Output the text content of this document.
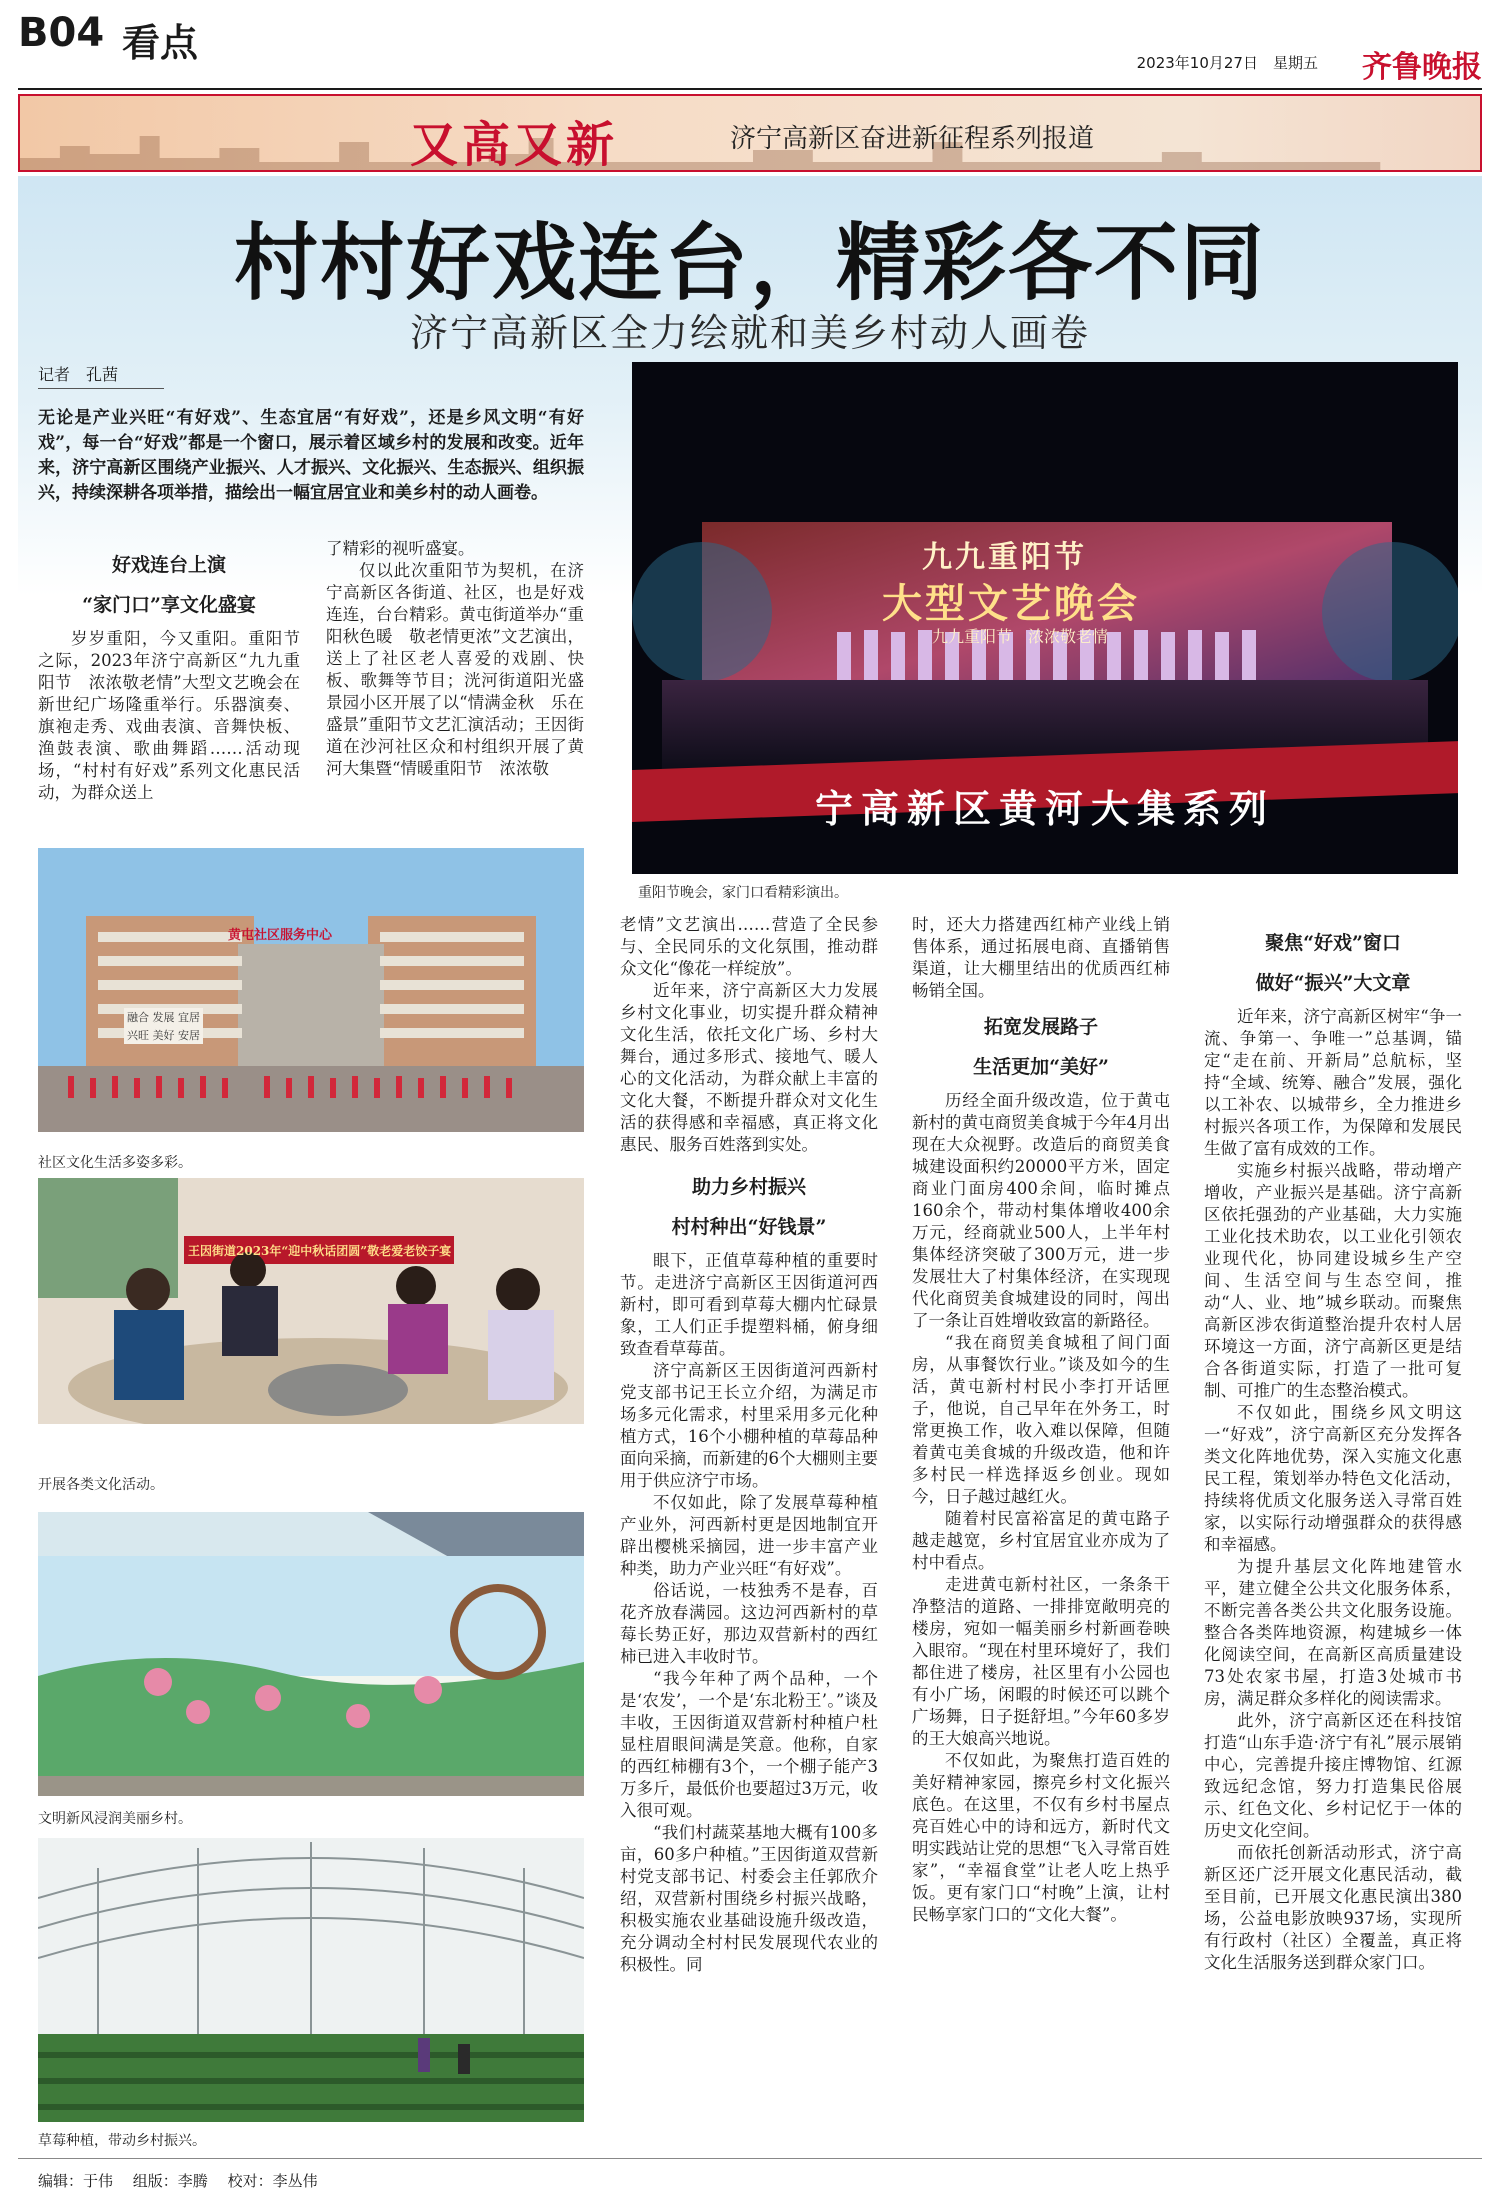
B04 看点	2023年10月27日　 星期五 齐鲁晚报
又高又新	济宁高新区奋进新征程系列报道
村村好戏连台，精彩各不同
济宁高新区全力绘就和美乡村动人画卷
记者　孔茜
无论是产业兴旺“有好戏”、生态宜居“有好戏”，还是乡风文明“有好戏”，每一台“好戏”都是一个窗口，展示着区域乡村的发展和改变。近年来，济宁高新区围绕产业振兴、人才振兴、文化振兴、生态振兴、组织振兴，持续深耕各项举措，描绘出一幅宜居宜业和美乡村的动人画卷。
好戏连台上演
“家门口”享文化盛宴

岁岁重阳，今又重阳。重阳节之际，2023年济宁高新区“九九重阳节　浓浓敬老情”大型文艺晚会在新世纪广场隆重举行。乐器演奏、旗袍走秀、戏曲表演、音舞快板、渔鼓表演、歌曲舞蹈……活动现场，“村村有好戏”系列文化惠民活动，为群众送上

了精彩的视听盛宴。

仅以此次重阳节为契机，在济宁高新区各街道、社区，也是好戏连连，台台精彩。黄屯街道举办“重阳秋色暖　敬老情更浓”文艺演出，送上了社区老人喜爱的戏剧、快板、歌舞等节目；洸河街道阳光盛景园小区开展了以“情满金秋　乐在盛景”重阳节文艺汇演活动；王因街道在沙河社区众和村组织开展了黄河大集暨“情暖重阳节　浓浓敬

九九重阳节
大型文艺晚会
九九重阳节　浓浓敬老情
宁高新区黄河大集系列
重阳节晚会，家门口看精彩演出。
黄屯社区服务中心
融合 发展 宜居
兴旺 美好 安居
社区文化生活多姿多彩。
王因街道2023年“迎中秋话团圆”敬老爱老饺子宴
开展各类文化活动。
文明新风浸润美丽乡村。
草莓种植，带动乡村振兴。

老情”文艺演出……营造了全民参与、全民同乐的文化氛围，推动群众文化“像花一样绽放”。

近年来，济宁高新区大力发展乡村文化事业，切实提升群众精神文化生活，依托文化广场、乡村大舞台，通过多形式、接地气、暖人心的文化活动，为群众献上丰富的文化大餐，不断提升群众对文化生活的获得感和幸福感，真正将文化惠民、服务百姓落到实处。

助力乡村振兴
村村种出“好钱景”

眼下，正值草莓种植的重要时节。走进济宁高新区王因街道河西新村，即可看到草莓大棚内忙碌景象，工人们正手提塑料桶，俯身细致查看草莓苗。

济宁高新区王因街道河西新村党支部书记王长立介绍，为满足市场多元化需求，村里采用多元化种植方式，16个小棚种植的草莓品种面向采摘，而新建的6个大棚则主要用于供应济宁市场。

不仅如此，除了发展草莓种植产业外，河西新村更是因地制宜开辟出樱桃采摘园，进一步丰富产业种类，助力产业兴旺“有好戏”。

俗话说，一枝独秀不是春，百花齐放春满园。这边河西新村的草莓长势正好，那边双营新村的西红柿已进入丰收时节。

“我今年种了两个品种，一个是‘农发’，一个是‘东北粉王’。”谈及丰收，王因街道双营新村种植户杜显柱眉眼间满是笑意。他称，自家的西红柿棚有3个，一个棚子能产3万多斤，最低价也要超过3万元，收入很可观。

“我们村蔬菜基地大概有100多亩，60多户种植。”王因街道双营新村党支部书记、村委会主任郭欣介绍，双营新村围绕乡村振兴战略，积极实施农业基础设施升级改造，充分调动全村村民发展现代农业的积极性。同

时，还大力搭建西红柿产业线上销售体系，通过拓展电商、直播销售渠道，让大棚里结出的优质西红柿畅销全国。

拓宽发展路子
生活更加“美好”

历经全面升级改造，位于黄屯新村的黄屯商贸美食城于今年4月出现在大众视野。改造后的商贸美食城建设面积约20000平方米，固定商业门面房400余间，临时摊点160余个，带动村集体增收400余万元，经商就业500人，上半年村集体经济突破了300万元，进一步发展壮大了村集体经济，在实现现代化商贸美食城建设的同时，闯出了一条让百姓增收致富的新路径。

“我在商贸美食城租了间门面房，从事餐饮行业。”谈及如今的生活，黄屯新村村民小李打开话匣子，他说，自己早年在外务工，时常更换工作，收入难以保障，但随着黄屯美食城的升级改造，他和许多村民一样选择返乡创业。现如今，日子越过越红火。

随着村民富裕富足的黄屯路子越走越宽，乡村宜居宜业亦成为了村中看点。

走进黄屯新村社区，一条条干净整洁的道路、一排排宽敞明亮的楼房，宛如一幅美丽乡村新画卷映入眼帘。“现在村里环境好了，我们都住进了楼房，社区里有小公园也有小广场，闲暇的时候还可以跳个广场舞，日子挺舒坦。”今年60多岁的王大娘高兴地说。

不仅如此，为聚焦打造百姓的美好精神家园，擦亮乡村文化振兴底色。在这里，不仅有乡村书屋点亮百姓心中的诗和远方，新时代文明实践站让党的思想“飞入寻常百姓家”，“幸福食堂”让老人吃上热乎饭。更有家门口“村晚”上演，让村民畅享家门口的“文化大餐”。

聚焦“好戏”窗口
做好“振兴”大文章

近年来，济宁高新区树牢“争一流、争第一、争唯一”总基调，锚定“走在前、开新局”总航标，坚持“全域、统筹、融合”发展，强化以工补农、以城带乡，全力推进乡村振兴各项工作，为保障和发展民生做了富有成效的工作。

实施乡村振兴战略，带动增产增收，产业振兴是基础。济宁高新区依托强劲的产业基础，大力实施工业化技术助农，以工业化引领农业现代化，协同建设城乡生产空间、生活空间与生态空间，推动“人、业、地”城乡联动。而聚焦高新区涉农街道整治提升农村人居环境这一方面，济宁高新区更是结合各街道实际，打造了一批可复制、可推广的生态整治模式。

不仅如此，围绕乡风文明这一“好戏”，济宁高新区充分发挥各类文化阵地优势，深入实施文化惠民工程，策划举办特色文化活动，持续将优质文化服务送入寻常百姓家，以实际行动增强群众的获得感和幸福感。

为提升基层文化阵地建管水平，建立健全公共文化服务体系，不断完善各类公共文化服务设施。整合各类阵地资源，构建城乡一体化阅读空间，在高新区高质量建设73处农家书屋，打造3处城市书房，满足群众多样化的阅读需求。

此外，济宁高新区还在科技馆打造“山东手造·济宁有礼”展示展销中心，完善提升接庄博物馆、红源致远纪念馆，努力打造集民俗展示、红色文化、乡村记忆于一体的历史文化空间。

而依托创新活动形式，济宁高新区还广泛开展文化惠民活动，截至目前，已开展文化惠民演出380场，公益电影放映937场，实现所有行政村（社区）全覆盖，真正将文化生活服务送到群众家门口。

编辑：于伟　 组版：李腾　 校对：李丛伟
